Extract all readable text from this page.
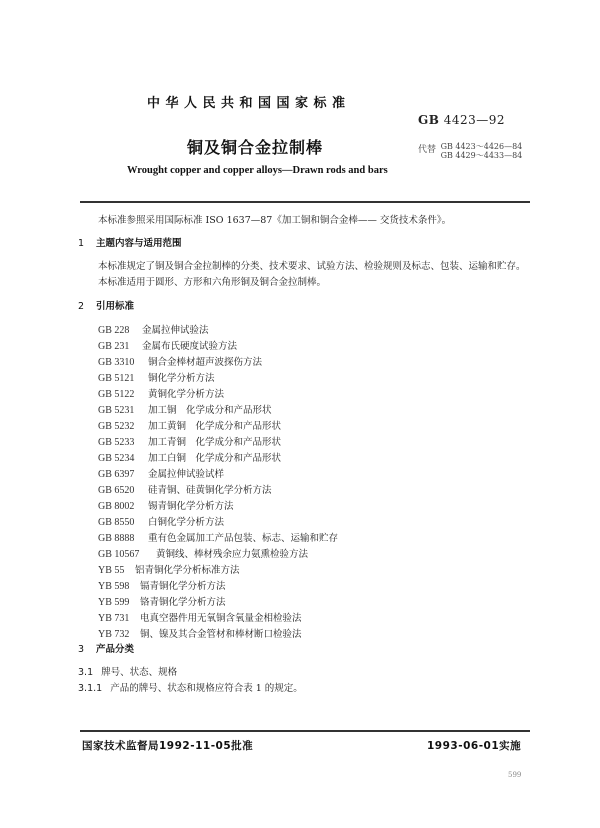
中华人民共和国国家标准
GB 4423—92
铜及铜合金拉制棒	代替 GB 4423～4426—84
GB 4429～4433—84
Wrought copper and copper alloys—Drawn rods and bars
本标准参照采用国际标准 ISO 1637—87《加工铜和铜合金棒—— 交货技术条件》。
1 主题内容与适用范围
本标准规定了铜及铜合金拉制棒的分类、技术要求、试验方法、检验规则及标志、包装、运输和贮存。
本标准适用于圆形、方形和六角形铜及铜合金拉制棒。
2 引用标准
GB 228 金属拉伸试验法
GB 231 金属布氏硬度试验方法
GB 3310 铜合金棒材超声波探伤方法
GB 5121 铜化学分析方法
GB 5122 黄铜化学分析方法
GB 5231 加工铜　化学成分和产品形状
GB 5232 加工黄铜　化学成分和产品形状
GB 5233 加工青铜　化学成分和产品形状
GB 5234 加工白铜　化学成分和产品形状
GB 6397 金属拉伸试验试样
GB 6520 硅青铜、硅黄铜化学分析方法
GB 8002 锡青铜化学分析方法
GB 8550 白铜化学分析方法
GB 8888 重有色金属加工产品包装、标志、运输和贮存
GB 10567 黄铜线、棒材残余应力氨熏检验方法
YB 55 铝青铜化学分析标准方法
YB 598 镉青铜化学分析方法
YB 599 铬青铜化学分析方法
YB 731 电真空器件用无氧铜含氧量金相检验法
YB 732 铜、镍及其合金管材和棒材断口检验法
3 产品分类
3.1 牌号、状态、规格
3.1.1 产品的牌号、状态和规格应符合表 1 的规定。
国家技术监督局1992-11-05批准	1993-06-01实施
599
